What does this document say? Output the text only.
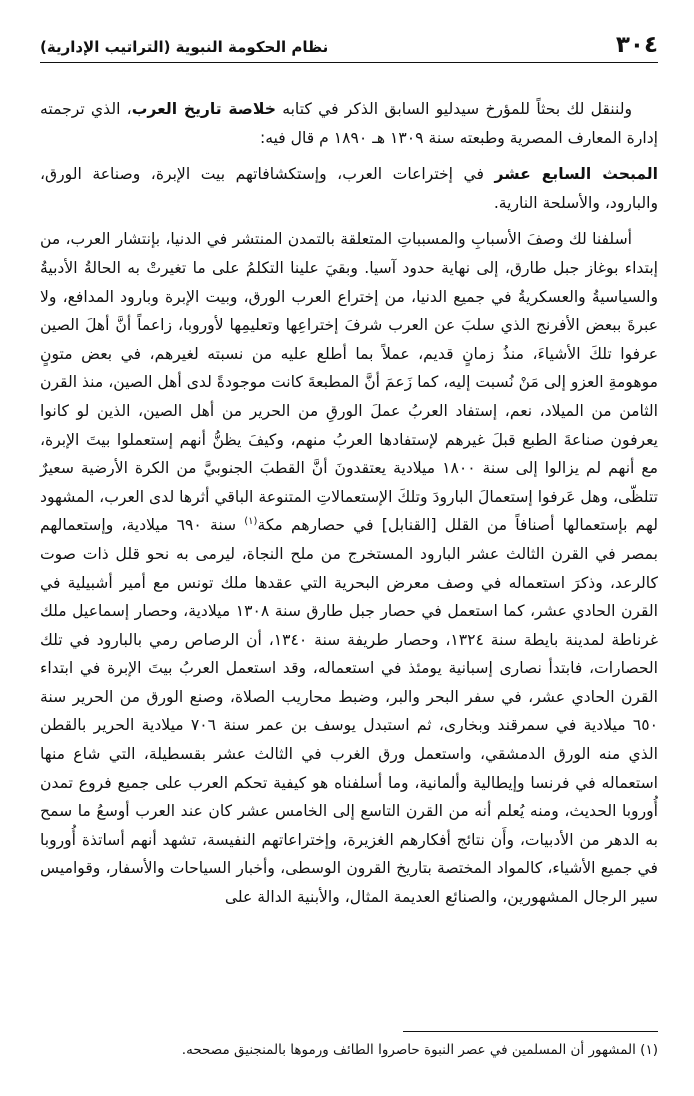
٣٠٤
نظام الحكومة النبوية (التراتيب الإدارية)

ولننقل لك بحثاً للمؤرخ سيدليو السابق الذكر في كتابه خلاصة تاريخ العرب، الذي ترجمته إدارة المعارف المصرية وطبعته سنة ١٣٠٩ هـ ١٨٩٠ م قال فيه:

المبحث السابع عشر في إختراعات العرب، وإستكشافاتهم بيت الإبرة، وصناعة الورق، والبارود، والأسلحة النارية.

أسلفنا لك وصفَ الأسبابِ والمسبباتِ المتعلقة بالتمدن المنتشر في الدنيا، بإنتشار العرب، من إبتداء بوغاز جبل طارق، إلى نهاية حدود آسيا. وبقيَ علينا التكلمُ على ما تغيرتْ به الحالةُ الأدبيةُ والسياسيةُ والعسكريةُ في جميع الدنيا، من إختراع العرب الورق، وبيت الإبرة وبارود المدافع، ولا عبرةَ ببعض الأفرنج الذي سلبَ عن العرب شرفَ إختراعِها وتعليمِها لأوروبا، زاعماً أنَّ أهلَ الصين عرفوا تلكَ الأشياءَ، منذُ زمانٍ قديم، عملاً بما أطلع عليه من نسبته لغيرهم، في بعض متونٍ موهومةِ العزو إلى مَنْ نُسبت إليه، كما زَعمَ أنَّ المطبعةَ كانت موجودةً لدى أهل الصين، منذ القرن الثامن من الميلاد، نعم، إستفاد العربُ عملَ الورقِ من الحرير من أهل الصين، الذين لو كانوا يعرفون صناعةَ الطبع قبلَ غيرهم لإستفادها العربُ منهم، وكيفَ يظنُّ أنهم إستعملوا بيتَ الإبرة، مع أنهم لم يزالوا إلى سنة ١٨٠٠ ميلادية يعتقدونَ أنَّ القطبَ الجنوبيَّ من الكرة الأرضية سعيرٌ تتلظّى، وهل عَرفوا إستعمالَ البارودَ وتلكَ الإستعمالاتِ المتنوعة الباقي أثرها لدى العرب، المشهود لهم بإستعمالها أصنافاً من القلل [القنابل] في حصارهم مكة$^{(١)}$ سنة ٦٩٠ ميلادية، وإستعمالهم بمصر في القرن الثالث عشر البارود المستخرج من ملح النجاة، ليرمى به نحو قلل ذات صوت كالرعد، وذكرَ استعماله في وصف معرض البحرية التي عقدها ملك تونس مع أمير أشبيلية في القرن الحادي عشر، كما استعمل في حصار جبل طارق سنة ١٣٠٨ ميلادية، وحصار إسماعيل ملك غرناطة لمدينة بايطة سنة ١٣٢٤، وحصار طريفة سنة ١٣٤٠، أن الرصاص رمي بالبارود في تلك الحصارات، فابتدأ نصارى إسبانية يومئذ في استعماله، وقد استعمل العربُ بيتَ الإبرة في ابتداء القرن الحادي عشر، في سفر البحر والبر، وضبط محاريب الصلاة، وصنع الورق من الحرير سنة ٦٥٠ ميلادية في سمرقند وبخارى، ثم استبدل يوسف بن عمر سنة ٧٠٦ ميلادية الحرير بالقطن الذي منه الورق الدمشقي، واستعمل ورق الغرب في الثالث عشر بقسطيلة، التي شاع منها استعماله في فرنسا وإيطالية وألمانية، وما أسلفناه هو كيفية تحكم العرب على جميع فروع تمدن أُوروبا الحديث، ومنه يُعلم أنه من القرن التاسع إلى الخامس عشر كان عند العرب أوسعُ ما سمح به الدهر من الأدبيات، وأَن نتائج أفكارهم الغزيرة، وإختراعاتهم النفيسة، تشهد أنهم أساتذة أُوروبا في جميع الأشياء، كالمواد المختصة بتاريخ القرون الوسطى، وأخبار السياحات والأسفار، وقواميس سير الرجال المشهورين، والصنائع العديمة المثال، والأبنية الدالة على

(١) المشهور أن المسلمين في عصر النبوة حاصروا الطائف ورموها بالمنجنيق مصححه.
